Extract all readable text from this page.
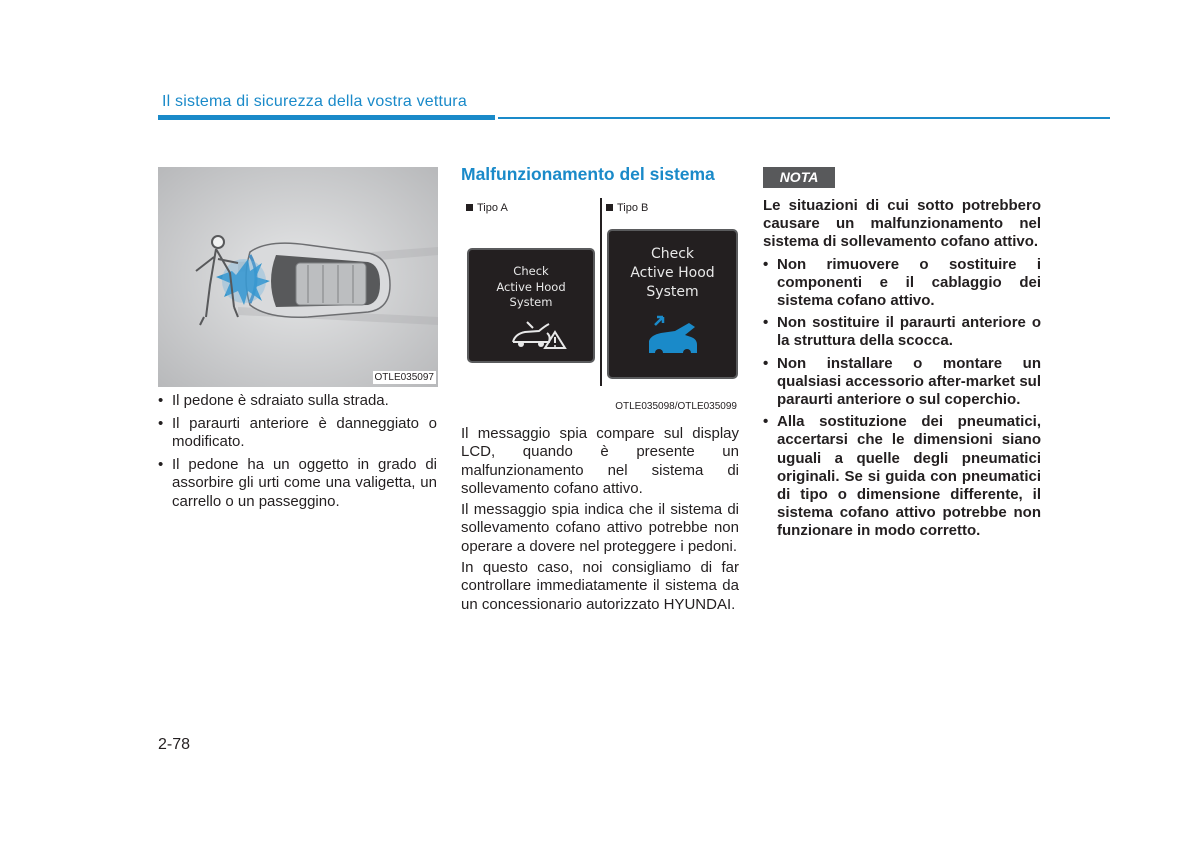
Il sistema di sicurezza della vostra vettura
OTLE035097
• Il pedone è sdraiato sulla strada.
• Il paraurti anteriore è danneggiato o modificato.
• Il pedone ha un oggetto in grado di assorbire gli urti come una valigetta, un carrello o un passeggino.
Malfunzionamento del sistema
Tipo A	Tipo B
Check
Active Hood
System
Check
Active Hood
System
OTLE035098/OTLE035099

Il messaggio spia compare sul display LCD, quando è presente un malfunzionamento nel sistema di sollevamento cofano attivo.

Il messaggio spia indica che il sistema di sollevamento cofano attivo potrebbe non operare a dovere nel proteggere i pedoni.

In questo caso, noi consigliamo di far controllare immediatamente il sistema da un concessionario autorizzato HYUNDAI.

NOTA

Le situazioni di cui sotto potrebbero causare un malfunzionamento nel sistema di sollevamento cofano attivo.

• Non rimuovere o sostituire i componenti e il cablaggio dei sistema cofano attivo.
• Non sostituire il paraurti anteriore o la struttura della scocca.
• Non installare o montare un qualsiasi accessorio after-market sul paraurti anteriore o sul coperchio.
• Alla sostituzione dei pneumatici, accertarsi che le dimensioni siano uguali a quelle degli pneumatici originali. Se si guida con pneumatici di tipo o dimensione differente, il sistema cofano attivo potrebbe non funzionare in modo corretto.
2-78
